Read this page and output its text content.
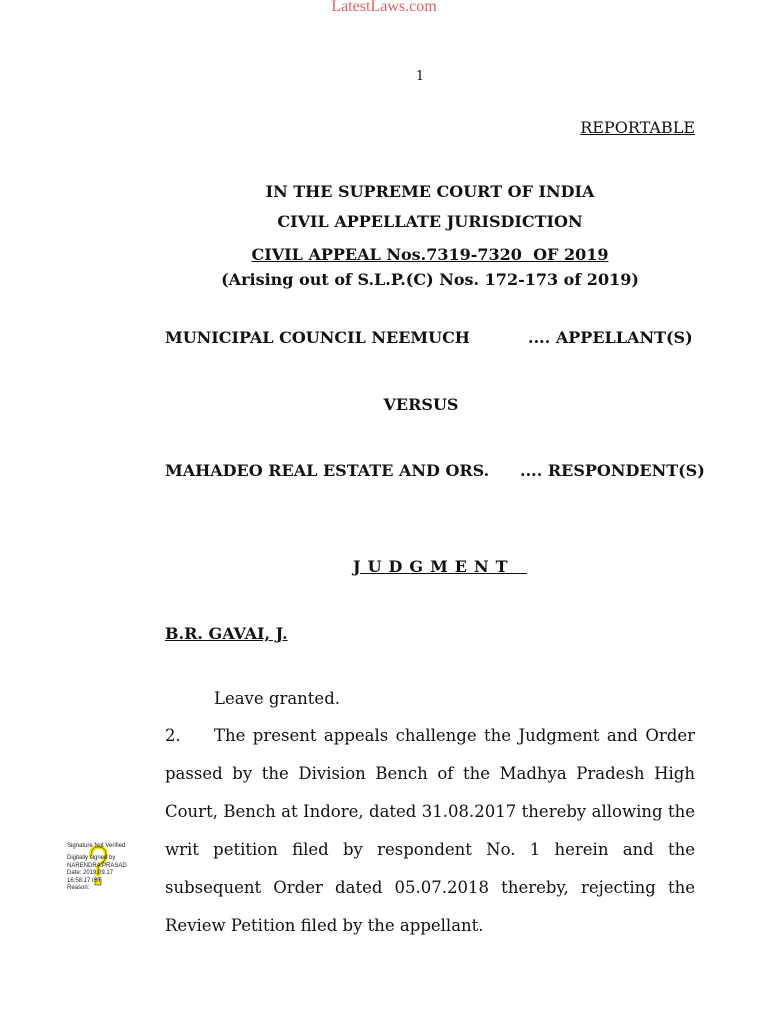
LatestLaws.com
1
REPORTABLE
IN THE SUPREME COURT OF INDIA
CIVIL APPELLATE JURISDICTION
CIVIL APPEAL Nos.7319-7320  OF 2019
(Arising out of S.L.P.(C) Nos. 172-173 of 2019)
MUNICIPAL COUNCIL NEEMUCH	.... APPELLANT(S)
VERSUS
MAHADEO REAL ESTATE AND ORS. .... RESPONDENT(S)
JUDGMENT
B.R. GAVAI, J.
Leave granted.
2. The present appeals challenge the Judgment and Order passed by the Division Bench of the Madhya Pradesh High Court, Bench at Indore, dated 31.08.2017 thereby allowing the writ petition filed by respondent No. 1 herein and the subsequent Order dated 05.07.2018 thereby, rejecting the Review Petition filed by the appellant.
Signature Not Verified
Digitally signed by
NARENDRA PRASAD
Date: 2019.09.17
16:58:17 IST
Reason:
